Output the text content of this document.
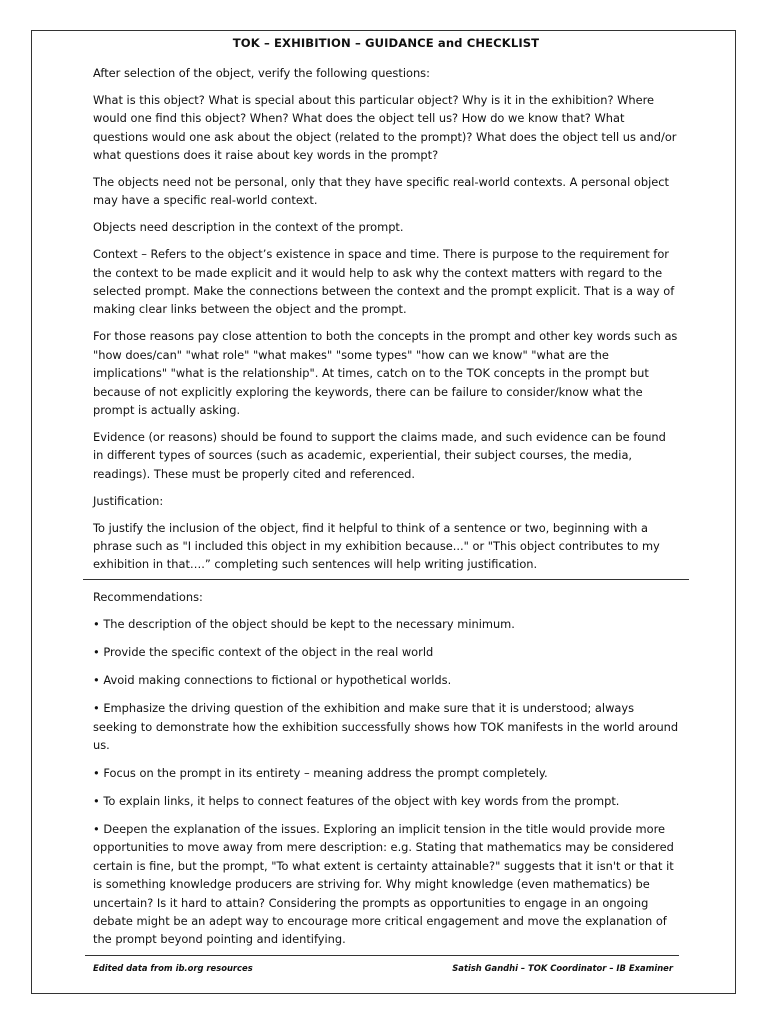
TOK – EXHIBITION – GUIDANCE and CHECKLIST

After selection of the object, verify the following questions:

What is this object? What is special about this particular object? Why is it in the exhibition? Where would one find this object? When? What does the object tell us? How do we know that? What questions would one ask about the object (related to the prompt)? What does the object tell us and/or what questions does it raise about key words in the prompt?

The objects need not be personal, only that they have specific real-world contexts. A personal object may have a specific real-world context.

Objects need description in the context of the prompt.

Context – Refers to the object’s existence in space and time. There is purpose to the requirement for the context to be made explicit and it would help to ask why the context matters with regard to the selected prompt. Make the connections between the context and the prompt explicit. That is a way of making clear links between the object and the prompt.

For those reasons pay close attention to both the concepts in the prompt and other key words such as "how does/can" "what role" "what makes" "some types" "how can we know" "what are the implications" "what is the relationship". At times, catch on to the TOK concepts in the prompt but because of not explicitly exploring the keywords, there can be failure to consider/know what the prompt is actually asking.

Evidence (or reasons) should be found to support the claims made, and such evidence can be found in different types of sources (such as academic, experiential, their subject courses, the media, readings). These must be properly cited and referenced.

Justification:

To justify the inclusion of the object, find it helpful to think of a sentence or two, beginning with a phrase such as "I included this object in my exhibition because..." or "This object contributes to my exhibition in that….” completing such sentences will help writing justification.

Recommendations:

• The description of the object should be kept to the necessary minimum.

• Provide the specific context of the object in the real world

• Avoid making connections to fictional or hypothetical worlds.

• Emphasize the driving question of the exhibition and make sure that it is understood; always seeking to demonstrate how the exhibition successfully shows how TOK manifests in the world around us.

• Focus on the prompt in its entirety – meaning address the prompt completely.

• To explain links, it helps to connect features of the object with key words from the prompt.

• Deepen the explanation of the issues. Exploring an implicit tension in the title would provide more opportunities to move away from mere description: e.g. Stating that mathematics may be considered certain is fine, but the prompt, "To what extent is certainty attainable?" suggests that it isn't or that it is something knowledge producers are striving for. Why might knowledge (even mathematics) be uncertain? Is it hard to attain? Considering the prompts as opportunities to engage in an ongoing debate might be an adept way to encourage more critical engagement and move the explanation of the prompt beyond pointing and identifying.

Edited data from ib.org resources	Satish Gandhi – TOK Coordinator – IB Examiner
